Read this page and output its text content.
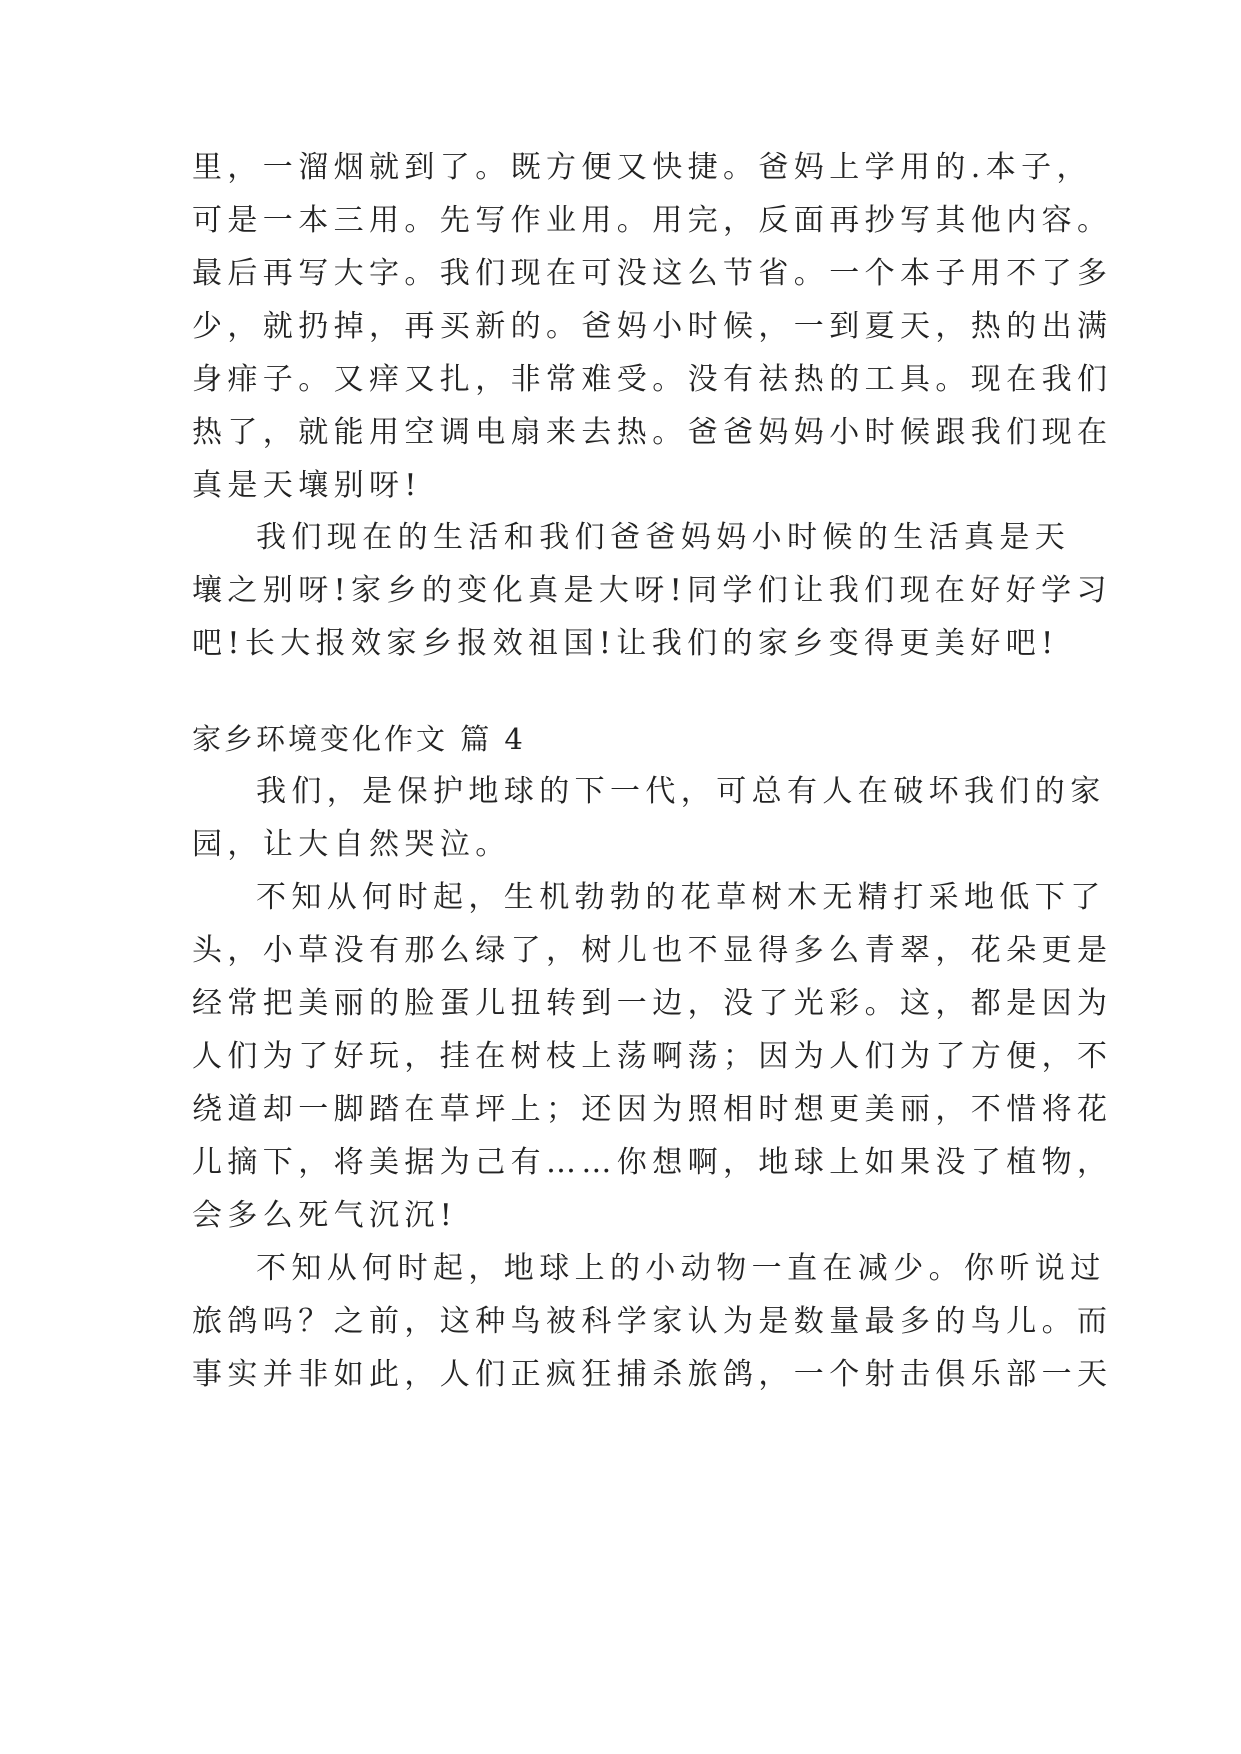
里，一溜烟就到了。既方便又快捷。爸妈上学用的.本子，
可是一本三用。先写作业用。用完，反面再抄写其他内容。
最后再写大字。我们现在可没这么节省。一个本子用不了多
少，就扔掉，再买新的。爸妈小时候，一到夏天，热的出满
身痱子。又痒又扎，非常难受。没有祛热的工具。现在我们
热了，就能用空调电扇来去热。爸爸妈妈小时候跟我们现在
真是天壤别呀!
我们现在的生活和我们爸爸妈妈小时候的生活真是天
壤之别呀!家乡的变化真是大呀!同学们让我们现在好好学习
吧!长大报效家乡报效祖国!让我们的家乡变得更美好吧!
家乡环境变化作文 篇 4
我们，是保护地球的下一代，可总有人在破坏我们的家
园，让大自然哭泣。
不知从何时起，生机勃勃的花草树木无精打采地低下了
头，小草没有那么绿了，树儿也不显得多么青翠，花朵更是
经常把美丽的脸蛋儿扭转到一边，没了光彩。这，都是因为
人们为了好玩，挂在树枝上荡啊荡；因为人们为了方便，不
绕道却一脚踏在草坪上；还因为照相时想更美丽，不惜将花
儿摘下，将美据为己有……你想啊，地球上如果没了植物，
会多么死气沉沉!
不知从何时起，地球上的小动物一直在减少。你听说过
旅鸽吗？之前，这种鸟被科学家认为是数量最多的鸟儿。而
事实并非如此，人们正疯狂捕杀旅鸽，一个射击俱乐部一天
